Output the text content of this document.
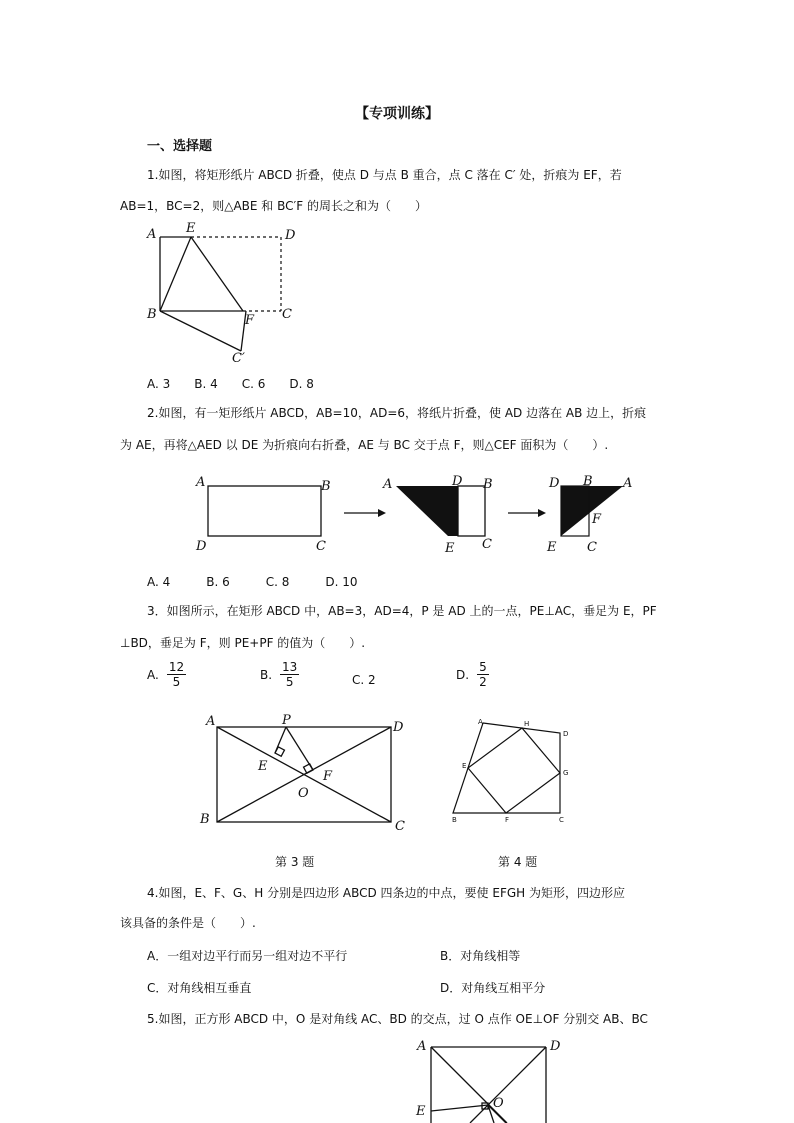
【专项训练】
一、选择题
1.如图，将矩形纸片 ABCD 折叠，使点 D 与点 B 重合，点 C 落在 C′ 处，折痕为 EF，若
AB=1，BC=2，则△ABE 和 BC′F 的周长之和为（　　）
A E	D
B	F C
C′
A. 3　　B. 4　　C. 6　　D. 8
2.如图，有一矩形纸片 ABCD，AB=10，AD=6，将纸片折叠，使 AD 边落在 AB 边上，折痕
为 AE，再将△AED 以 DE 为折痕向右折叠，AE 与 BC 交于点 F，则△CEF 面积为（　　）.
A	B
D	C
A	D B
E C
D B A
F
E C
A. 4　　　B. 6　　　C. 8　　　D. 10
3．如图所示，在矩形 ABCD 中，AB=3，AD=4，P 是 AD 上的一点，PE⊥AC，垂足为 E，PF
⊥BD，垂足为 F，则 PE+PF 的值为（　　）.
A. $\frac{12}{5}$	B. $\frac{13}{5}$	C. 2	D. $\frac{5}{2}$
A	P	D
E
F
O
B	C
A	H
D
E
G
B	F	C
第 3 题	第 4 题
4.如图，E、F、G、H 分别是四边形 ABCD 四条边的中点，要使 EFGH 为矩形，四边形应
该具备的条件是（　　）.
A．一组对边平行而另一组对边不平行	B．对角线相等
C．对角线相互垂直	D．对角线互相平分
5.如图，正方形 ABCD 中，O 是对角线 AC、BD 的交点，过 O 点作 OE⊥OF 分别交 AB、BC
A	D
E
O
